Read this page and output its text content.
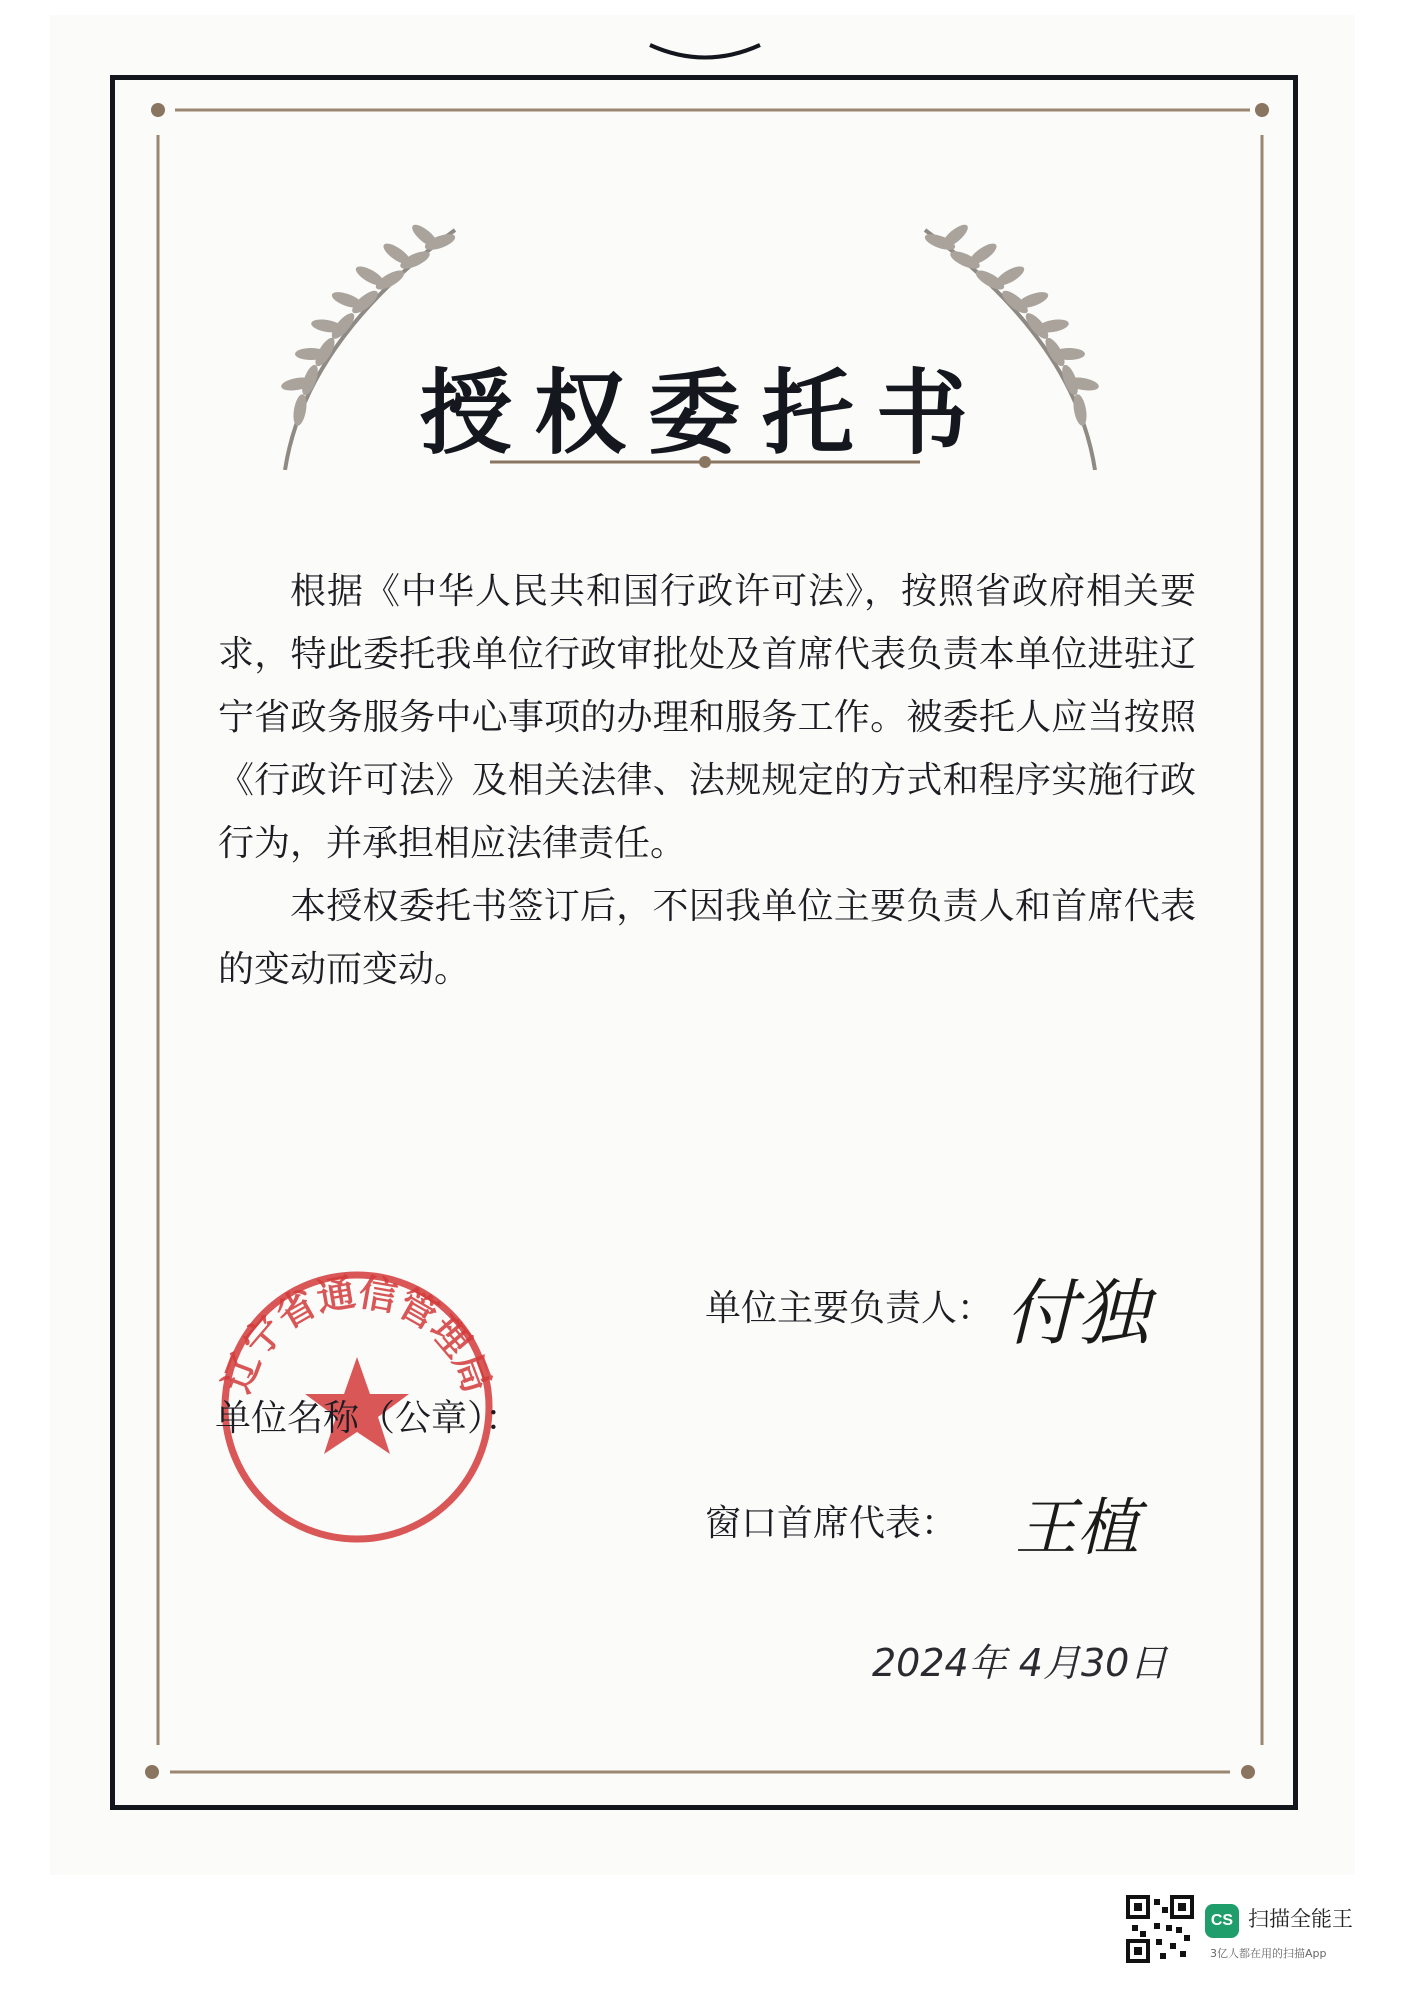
授权委托书

根据《中华人民共和国行政许可法》，按照省政府相关要求，特此委托我单位行政审批处及首席代表负责本单位进驻辽宁省政务服务中心事项的办理和服务工作。被委托人应当按照《行政许可法》及相关法律、法规规定的方式和程序实施行政行为，并承担相应法律责任。

本授权委托书签订后，不因我单位主要负责人和首席代表的变动而变动。

辽宁省通信管理局
单位主要负责人： 付独
单位名称（公章）：
窗口首席代表： 王植
2024年 4月30日
CS 扫描全能王
3亿人都在用的扫描App
